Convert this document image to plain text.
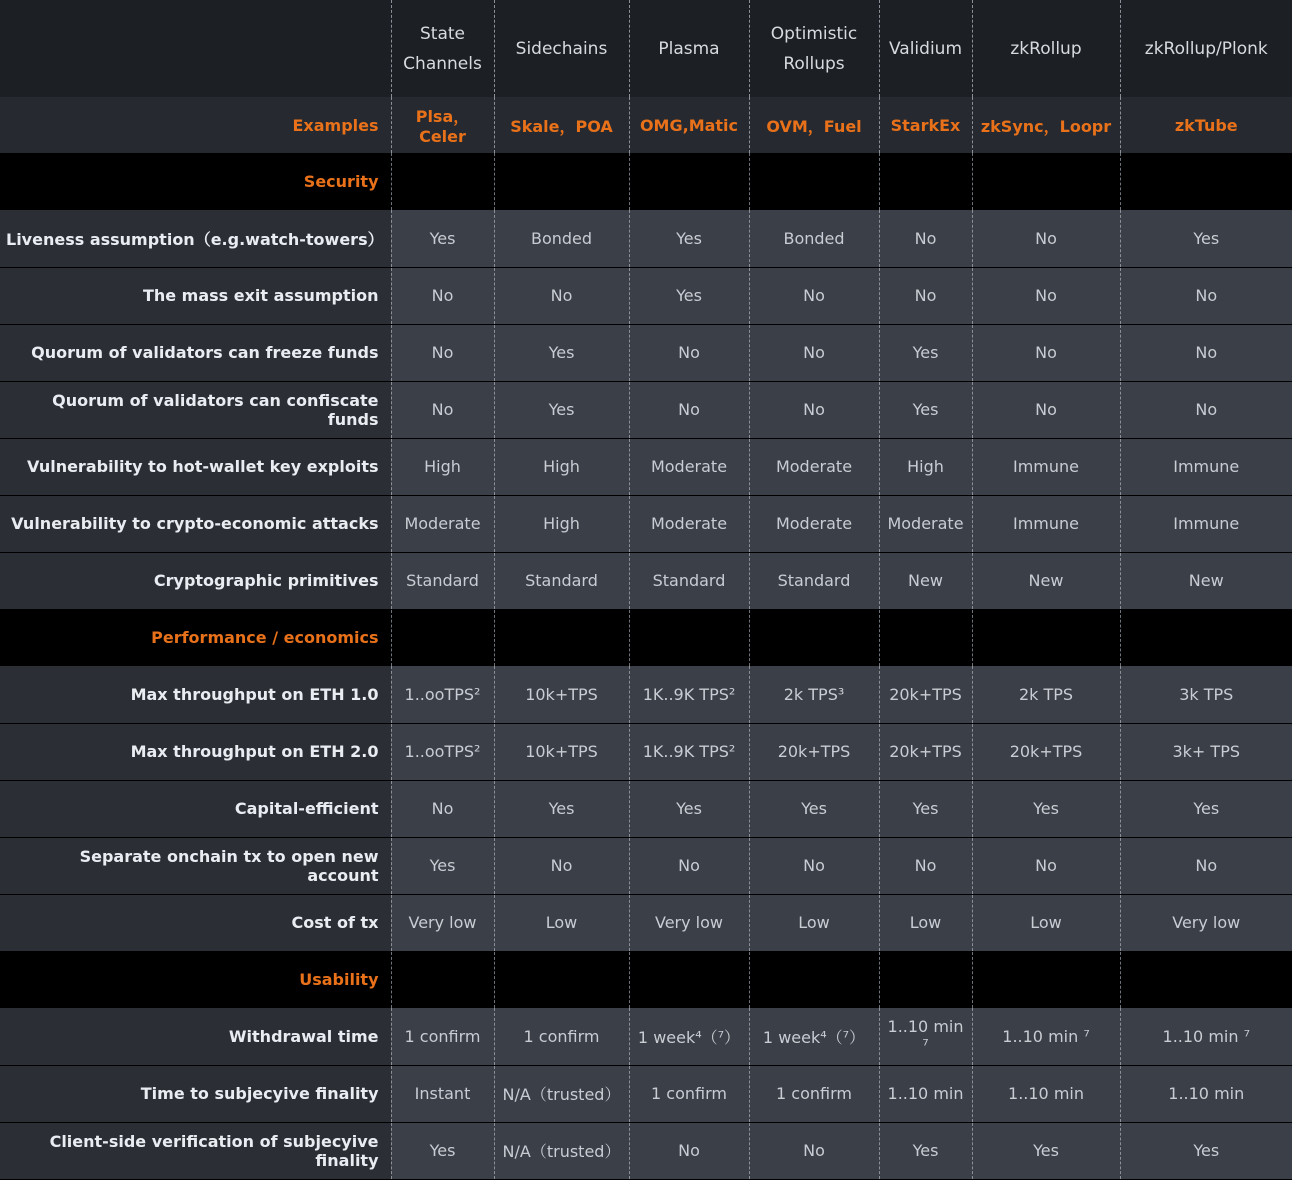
	State Channels	Sidechains	Plasma	Optimistic Rollups	Validium	zkRollup	zkRollup/Plonk
Examples	Plsa，Celer	Skale，POA	OMG,Matic	OVM，Fuel	StarkEx	zkSync，Loopr	zkTube
Security							
Liveness assumption（e.g.watch-towers）	Yes	Bonded	Yes	Bonded	No	No	Yes
The mass exit assumption	No	No	Yes	No	No	No	No
Quorum of validators can freeze funds	No	Yes	No	No	Yes	No	No
Quorum of validators can confiscate funds	No	Yes	No	No	Yes	No	No
Vulnerability to hot-wallet key exploits	High	High	Moderate	Moderate	High	Immune	Immune
Vulnerability to crypto-economic attacks	Moderate	High	Moderate	Moderate	Moderate	Immune	Immune
Cryptographic primitives	Standard	Standard	Standard	Standard	New	New	New
Performance / economics							
Max throughput on ETH 1.0	1..ooTPS²	10k+TPS	1K..9K TPS²	2k TPS³	20k+TPS	2k TPS	3k TPS
Max throughput on ETH 2.0	1..ooTPS²	10k+TPS	1K..9K TPS²	20k+TPS	20k+TPS	20k+TPS	3k+ TPS
Capital-efficient	No	Yes	Yes	Yes	Yes	Yes	Yes
Separate onchain tx to open new account	Yes	No	No	No	No	No	No
Cost of tx	Very low	Low	Very low	Low	Low	Low	Very low
Usability							
Withdrawal time	1 confirm	1 confirm	1 week⁴（⁷）	1 week⁴（⁷）	1..10 min ⁷	1..10 min ⁷	1..10 min ⁷
Time to subjecyive finality	Instant	N/A（trusted）	1 confirm	1 confirm	1..10 min	1..10 min	1..10 min
Client-side verification of subjecyive finality	Yes	N/A（trusted）	No	No	Yes	Yes	Yes
